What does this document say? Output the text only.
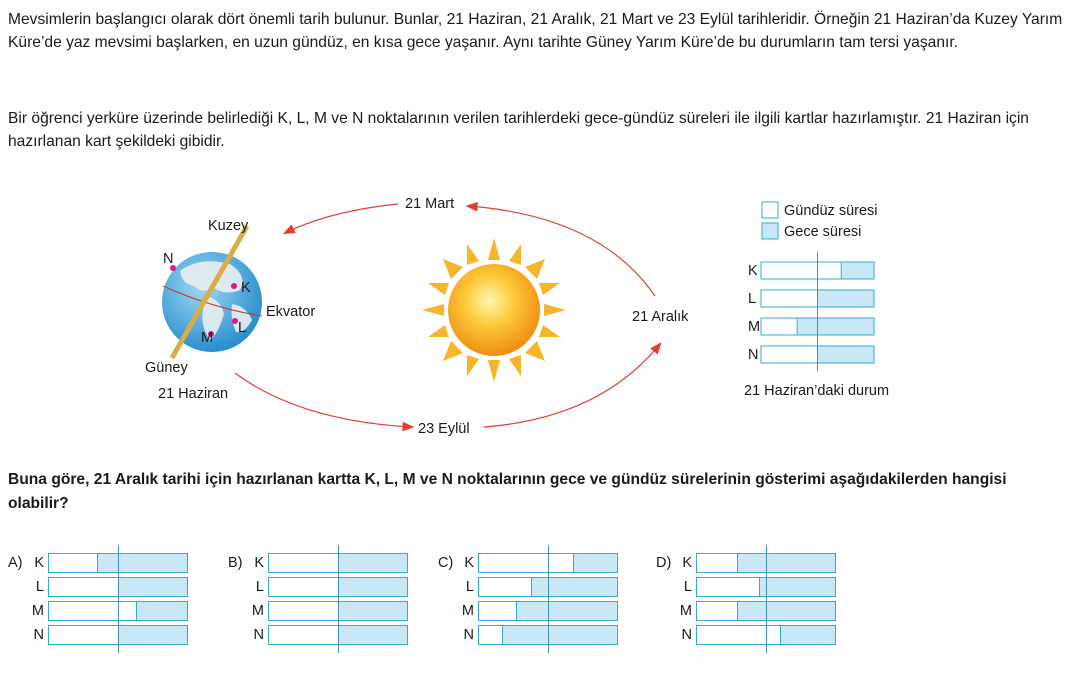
Mevsimlerin başlangıcı olarak dört önemli tarih bulunur. Bunlar, 21 Haziran, 21 Aralık, 21 Mart ve 23 Eylül tarihleridir. Örneğin 21 Haziran’da Kuzey Yarım Küre’de yaz mevsimi başlarken, en uzun gündüz, en kısa gece yaşanır. Aynı tarihte Güney Yarım Küre’de bu durumların tam tersi yaşanır.

Bir öğrenci yerküre üzerinde belirlediği K, L, M ve N noktalarının verilen tarihlerdeki gece-gündüz süreleri ile ilgili kartlar hazırlamıştır. 21 Haziran için hazırlanan kart şekildeki gibidir.

21 Mart
21 Aralık
23 Eylül
21 Haziran
Kuzey
Güney
Ekvator
N
K
M
L
Gündüz süresi
Gece süresi
K
L
M
N
21 Haziran’daki durum

Buna göre, 21 Aralık tarihi için hazırlanan kartta K, L, M ve N noktalarının gece ve gündüz sürelerinin gösterimi aşağıdakilerden hangisi olabilir?

A) K
L
M
N
B) K
L
M
N
C) K
L
M
N
D) K
L
M
N
